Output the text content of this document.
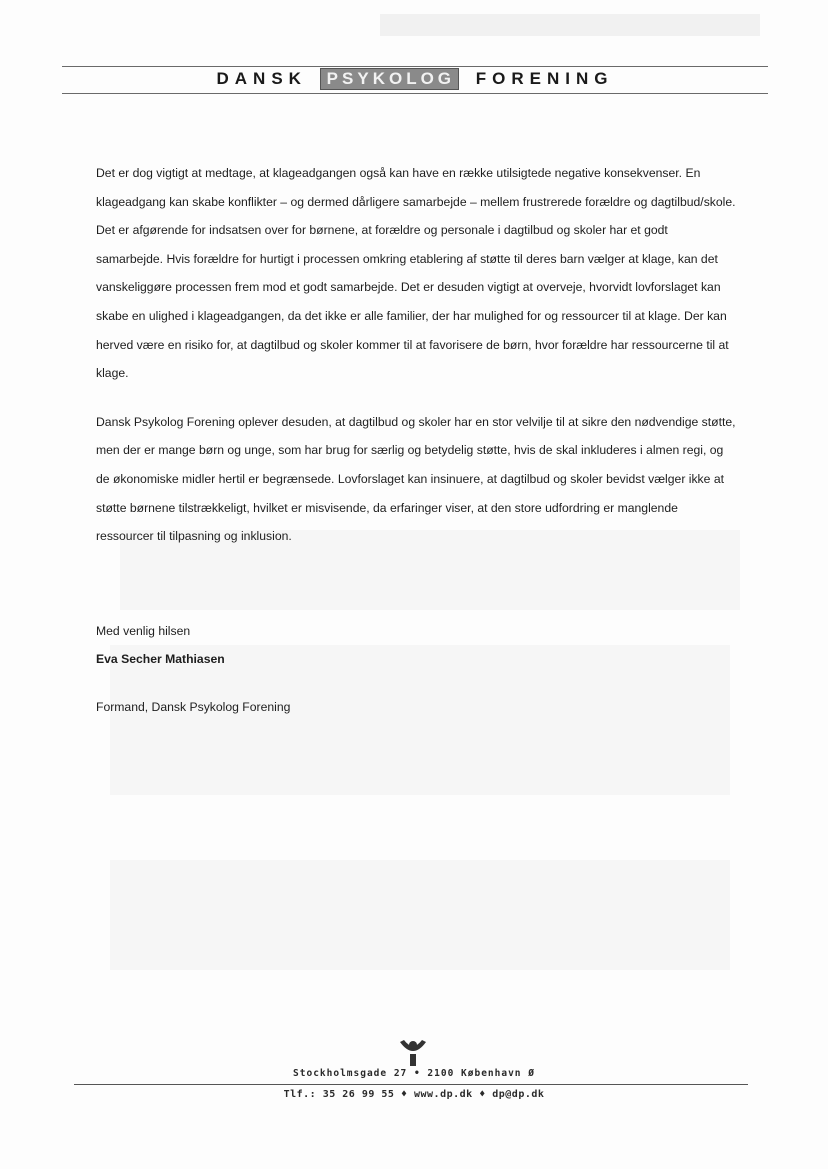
DANSK PSYKOLOG FORENING

Det er dog vigtigt at medtage, at klageadgangen også kan have en række utilsigtede negative konsekvenser. En klageadgang kan skabe konflikter – og dermed dårligere samarbejde – mellem frustrerede forældre og dagtilbud/skole. Det er afgørende for indsatsen over for børnene, at forældre og personale i dagtilbud og skoler har et godt samarbejde. Hvis forældre for hurtigt i processen omkring etablering af støtte til deres barn vælger at klage, kan det vanskeliggøre processen frem mod et godt samarbejde. Det er desuden vigtigt at overveje, hvorvidt lovforslaget kan skabe en ulighed i klageadgangen, da det ikke er alle familier, der har mulighed for og ressourcer til at klage. Der kan herved være en risiko for, at dagtilbud og skoler kommer til at favorisere de børn, hvor forældre har ressourcerne til at klage.

Dansk Psykolog Forening oplever desuden, at dagtilbud og skoler har en stor velvilje til at sikre den nødvendige støtte, men der er mange børn og unge, som har brug for særlig og betydelig støtte, hvis de skal inkluderes i almen regi, og de økonomiske midler hertil er begrænsede. Lovforslaget kan insinuere, at dagtilbud og skoler bevidst vælger ikke at støtte børnene tilstrækkeligt, hvilket er misvisende, da erfaringer viser, at den store udfordring er manglende ressourcer til tilpasning og inklusion.

Med venlig hilsen
Eva Secher Mathiasen
Formand, Dansk Psykolog Forening
Stockholmsgade 27 • 2100 København Ø
Tlf.: 35 26 99 55 ♦ www.dp.dk ♦ dp@dp.dk
